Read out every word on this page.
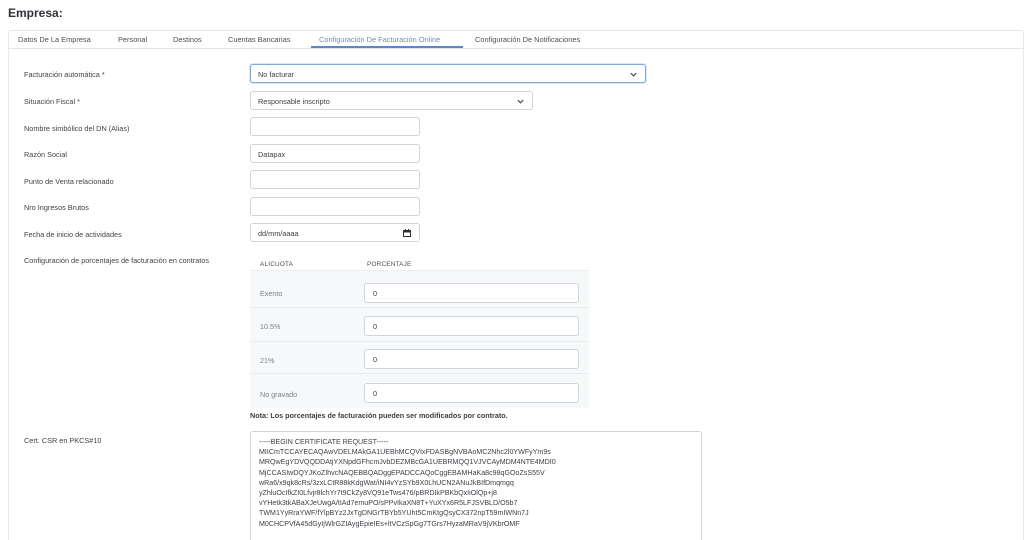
Empresa:
Datos De La Empresa	Personal	Destinos	Cuentas Bancarias	Configuración De Facturación Online	Configuración De Notificaciones
Facturación automática *	No facturar
Situación Fiscal *	Responsable inscripto
Nombre simbólico del DN (Alias)
Razón Social	Datapax
Punto de Venta relacionado
Nro Ingresos Brutos
Fecha de inicio de actividades	dd/mm/aaaa
Configuración de porcentajes de facturación en contratos	ALICUOTA	PORCENTAJE
Exento	0
10.5%	0
21%	0
No gravado	0
Nota: Los porcentajes de facturación pueden ser modificados por contrato.
Cert. CSR en PKCS#10	-----BEGIN CERTIFICATE REQUEST-----
MIICmTCCAYECAQAwVDELMAkGA1UEBhMCQVIxFDASBgNVBAoMC2Nhc2l0YWFyYm9s
MRQwEgYDVQQDDAtjYXNpdGFhcmJvbDEZMBcGA1UEBRMQQ1VJVCAyMDM4NTE4MDI0
MjCCASIwDQYJKoZIhvcNAQEBBQADggEPADCCAQoCggEBAMHaKa8c98qGOoZsS55V
wRa6/x9qk8cRs/3zxLCtR88kKdgWat/iNI4vYzSYb9X0LhUCN2ANuJkBIfDmqmgq
yZhluOcIfkZI0Lfvjr8lchYr7t9CkZy8VQ91eTws476/pBRDIkPBKbQxIiOlQp+j8
vYHetk3tkABaXJeUwgA/tIAd7emuPO/sPPvIkaXN8T+YuXYx6R5LFJSVBLD/O5b7
TWM1YyRraYWF/fYlpBYz2JxTgDNGrTBYb5YUht5CmKtgQsyCX372npT59mIWNn7J
M0CHCPVfA45dGyIjWlrGZIAygEpieIEs+ltVCzSpGg7TGrs7HyzaMRaV9jVKbrOMF
